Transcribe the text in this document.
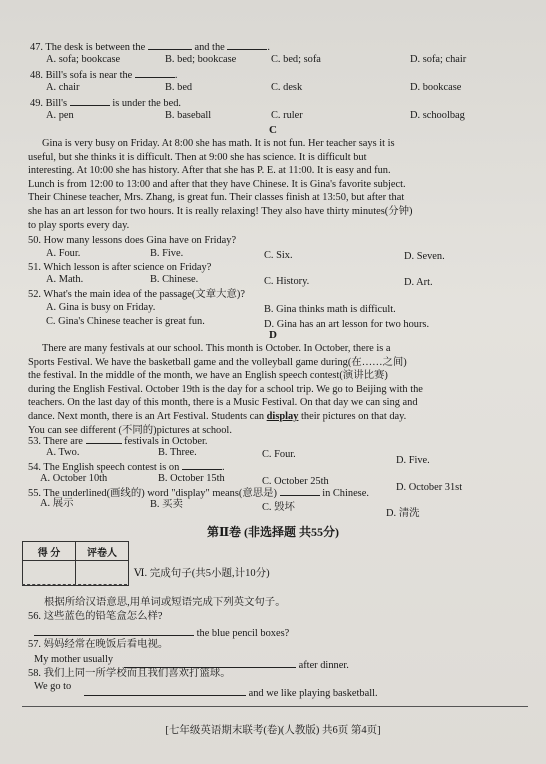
47. The desk is between the	and the	.
A. sofa; bookcase	B. bed; bookcase	C. bed; sofa	D. sofa; chair
48. Bill's sofa is near the	.
A. chair	B. bed	C. desk	D. bookcase
49. Bill's	is under the bed.
A. pen	B. baseball	C. ruler	D. schoolbag
C
Gina is very busy on Friday. At 8:00 she has math. It is not fun. Her teacher says it is
useful, but she thinks it is difficult. Then at 9:00 she has science. It is difficult but
interesting. At 10:00 she has history. After that she has P. E. at 11:00. It is easy and fun.
Lunch is from 12:00 to 13:00 and after that they have Chinese. It is Gina's favorite subject.
Their Chinese teacher, Mrs. Zhang, is great fun. Their classes finish at 13:50, but after that
she has an art lesson for two hours. It is really relaxing! They also have thirty minutes(分钟)
to play sports every day.
50. How many lessons does Gina have on Friday?
A. Four.	B. Five.	C. Six.	D. Seven.
51. Which lesson is after science on Friday?
A. Math.	B. Chinese.	C. History.	D. Art.
52. What's the main idea of the passage(文章大意)?
A. Gina is busy on Friday.	B. Gina thinks math is difficult.
C. Gina's Chinese teacher is great fun.	D. Gina has an art lesson for two hours.
D
There are many festivals at our school. This month is October. In October, there is a
Sports Festival. We have the basketball game and the volleyball game during(在……之间)
the festival. In the middle of the month, we have an English speech contest(演讲比赛)
during the English Festival. October 19th is the day for a school trip. We go to Beijing with the
teachers. On the last day of this month, there is a Music Festival. On that day we can sing and
dance. Next month, there is an Art Festival. Students can display their pictures on that day.
You can see different (不同的)pictures at school.
53. There are	festivals in October.
A. Two.	B. Three.	C. Four.
D. Five.
54. The English speech contest is on	.
A. October 10th	B. October 15th	C. October 25th
D. October 31st
55. The underlined(画线的) word "display" means(意思是)	in Chinese.
A. 展示	B. 买卖	C. 毁坏
D. 清洗
第Ⅱ卷 (非选择题 共55分)
得 分	评卷人

Ⅵ. 完成句子(共5小题,计10分)
根据所给汉语意思,用单词或短语完成下列英文句子。
56. 这些蓝色的铅笔盒怎么样?
the blue pencil boxes?
57. 妈妈经常在晚饭后看电视。
My mother usually
after dinner.
58. 我们上同一所学校而且我们喜欢打篮球。
We go to
and we like playing basketball.
[七年级英语期末联考(卷)(人教版) 共6页 第4页]
